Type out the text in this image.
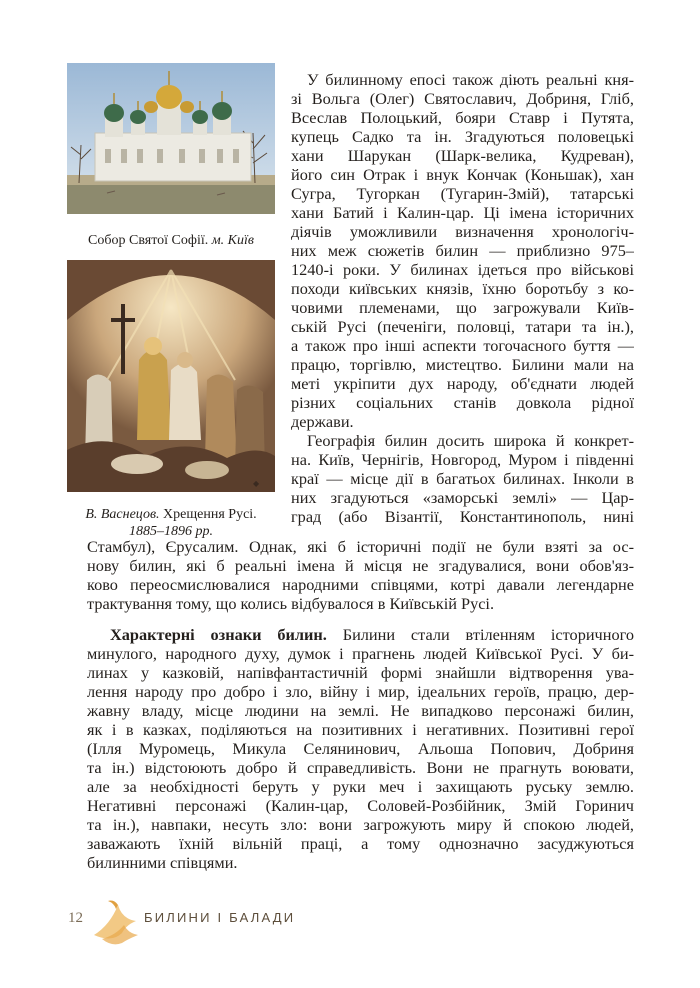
Собор Святої Софії. м. Київ

◆
В. Васнецов. Хрещення Русі.
1885–1896 рр.

У билинному епосі також діють реальні кня-

зі Вольга (Олег) Святославич, Добриня, Гліб,

Всеслав Полоцький, бояри Ставр і Путята,

купець Садко та ін. Згадуються половецькі

хани Шарукан (Шарк-велика, Кудреван),

його син Отрак і внук Кончак (Коньшак), хан

Сугра, Тугоркан (Тугарин-Змій), татарські

хани Батий і Калин-цар. Ці імена історичних

діячів уможливили визначення хронологіч-

них меж сюжетів билин — приблизно 975–

1240-і роки. У билинах ідеться про військові

походи київських князів, їхню боротьбу з ко-

човими племенами, що загрожували Київ-

ській Русі (печеніги, половці, татари та ін.),

а також про інші аспекти тогочасного буття —

працю, торгівлю, мистецтво. Билини мали на

меті укріпити дух народу, об'єднати людей

різних соціальних станів довкола рідної

держави.

Географія билин досить широка й конкрет-

на. Київ, Чернігів, Новгород, Муром і південні

краї — місце дії в багатьох билинах. Інколи в

них згадуються «заморські землі» — Цар-

град (або Візантії, Константинополь, нині

Стамбул), Єрусалим. Однак, які б історичні події не були взяті за ос-

нову билин, які б реальні імена й місця не згадувалися, вони обов'яз-

ково переосмислювалися народними співцями, котрі давали легендарне

трактування тому, що колись відбувалося в Київській Русі.

Характерні ознаки билин. Билини стали втіленням історичного

минулого, народного духу, думок і прагнень людей Київської Русі. У би-

линах у казковій, напівфантастичній формі знайшли відтворення ува-

лення народу про добро і зло, війну і мир, ідеальних героїв, працю, дер-

жавну владу, місце людини на землі. Не випадково персонажі билин,

як і в казках, поділяються на позитивних і негативних. Позитивні герої

(Ілля Муромець, Микула Селянинович, Альоша Попович, Добриня

та ін.) відстоюють добро й справедливість. Вони не прагнуть воювати,

але за необхідності беруть у руки меч і захищають руську землю.

Негативні персонажі (Калин-цар, Соловей-Розбійник, Змій Горинич

та ін.), навпаки, несуть зло: вони загрожують миру й спокою людей,

заважають їхній вільній праці, а тому однозначно засуджуються

билинними співцями.

12	БИЛИНИ І БАЛАДИ
